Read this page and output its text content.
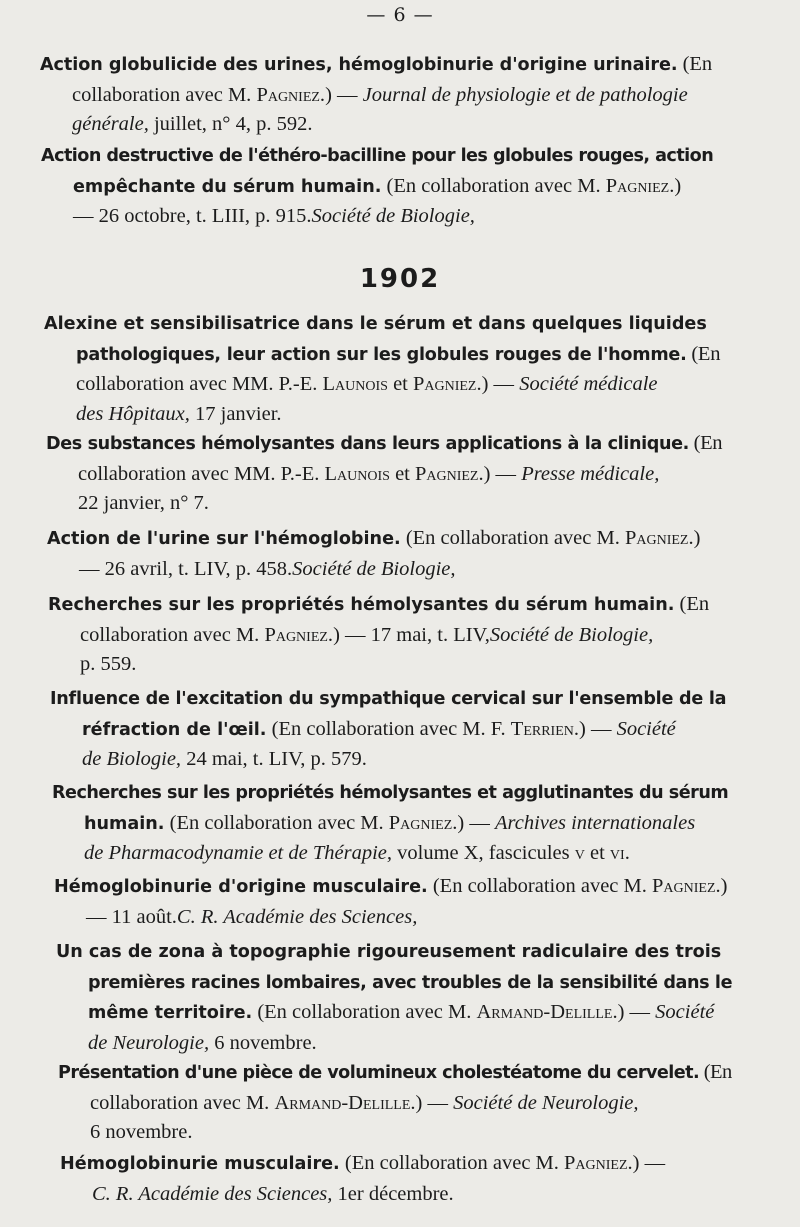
— 6 —
1902
Action globulicide des urines, hémoglobinurie d'origine urinaire. (En
collaboration avec M. Pagniez.) — Journal de physiologie et de pathologie
générale, juillet, n° 4, p. 592.
Action destructive de l'éthéro-bacilline pour les globules rouges, action
empêchante du sérum humain. (En collaboration avec M. Pagniez.)
— 26 octobre, t. LIII, p. 915.Société de Biologie,
Alexine et sensibilisatrice dans le sérum et dans quelques liquides
pathologiques, leur action sur les globules rouges de l'homme. (En
collaboration avec MM. P.-E. Launois et Pagniez.) — Société médicale
des Hôpitaux, 17 janvier.
Des substances hémolysantes dans leurs applications à la clinique. (En
collaboration avec MM. P.-E. Launois et Pagniez.) — Presse médicale,
22 janvier, n° 7.
Action de l'urine sur l'hémoglobine. (En collaboration avec M. Pagniez.)
— 26 avril, t. LIV, p. 458.Société de Biologie,
Recherches sur les propriétés hémolysantes du sérum humain. (En
collaboration avec M. Pagniez.) — 17 mai, t. LIV,Société de Biologie,
p. 559.
Influence de l'excitation du sympathique cervical sur l'ensemble de la
réfraction de l'œil. (En collaboration avec M. F. Terrien.) — Société
de Biologie, 24 mai, t. LIV, p. 579.
Recherches sur les propriétés hémolysantes et agglutinantes du sérum
humain. (En collaboration avec M. Pagniez.) — Archives internationales
de Pharmacodynamie et de Thérapie, volume X, fascicules v et vi.
Hémoglobinurie d'origine musculaire. (En collaboration avec M. Pagniez.)
— 11 août.C. R. Académie des Sciences,
Un cas de zona à topographie rigoureusement radiculaire des trois
premières racines lombaires, avec troubles de la sensibilité dans le
même territoire. (En collaboration avec M. Armand-Delille.) — Société
de Neurologie, 6 novembre.
Présentation d'une pièce de volumineux cholestéatome du cervelet. (En
collaboration avec M. Armand-Delille.) — Société de Neurologie,
6 novembre.
Hémoglobinurie musculaire. (En collaboration avec M. Pagniez.) —
C. R. Académie des Sciences, 1er décembre.
